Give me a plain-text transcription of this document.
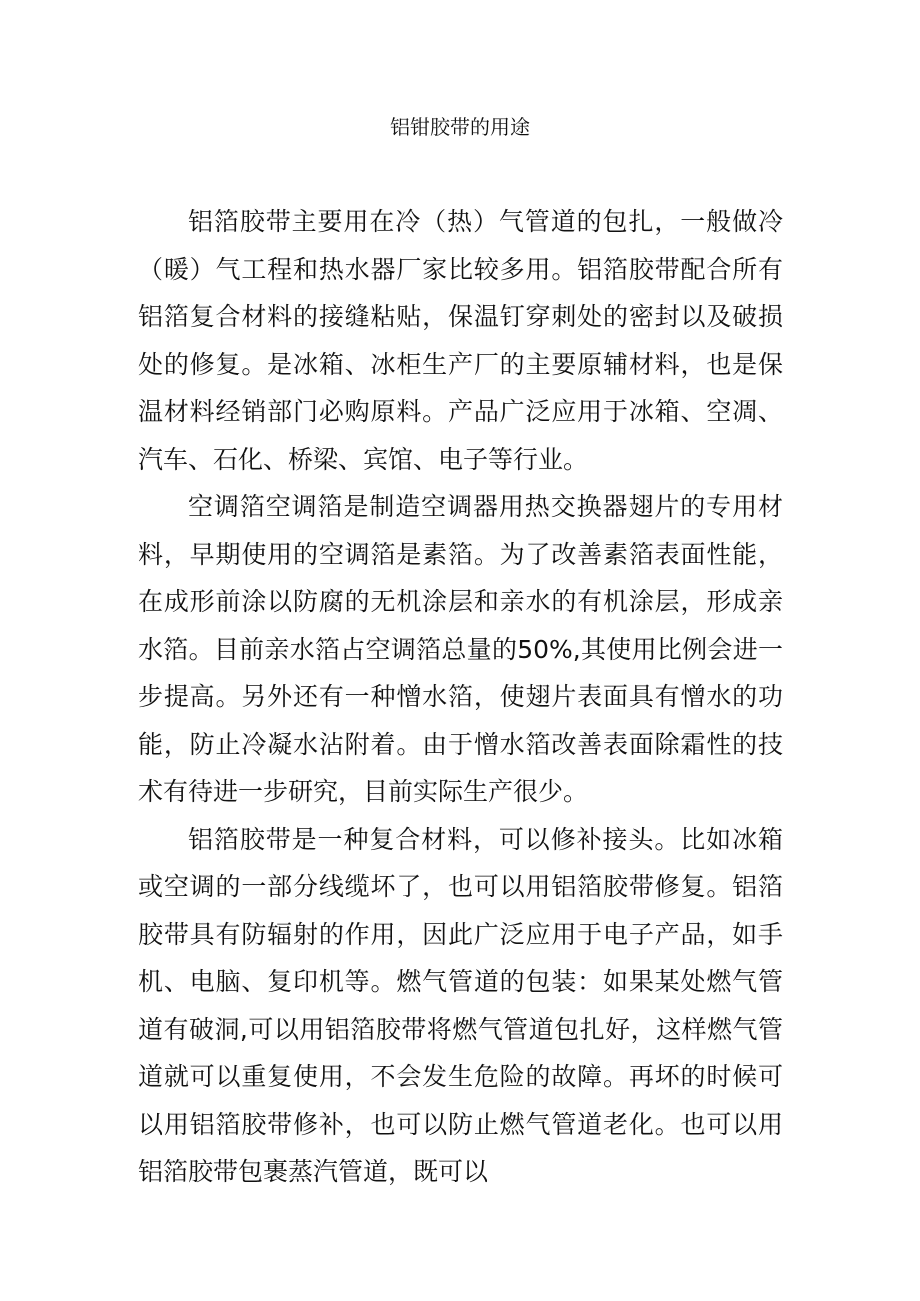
铝钳胶带的用途

铝箔胶带主要用在冷（热）气管道的包扎，一般做冷（暖）气工程和热水器厂家比较多用。铝箔胶带配合所有铝箔复合材料的接缝粘贴，保温钉穿刺处的密封以及破损处的修复。是冰箱、冰柜生产厂的主要原辅材料，也是保温材料经销部门必购原料。产品广泛应用于冰箱、空凋、汽车、石化、桥梁、宾馆、电子等行业。

空调箔空调箔是制造空调器用热交换器翅片的专用材料，早期使用的空调箔是素箔。为了改善素箔表面性能，在成形前涂以防腐的无机涂层和亲水的有机涂层，形成亲水箔。目前亲水箔占空调箔总量的50%,其使用比例会进一步提高。另外还有一种憎水箔，使翅片表面具有憎水的功能，防止冷凝水沾附着。由于憎水箔改善表面除霜性的技术有待进一步研究，目前实际生产很少。

铝箔胶带是一种复合材料，可以修补接头。比如冰箱或空调的一部分线缆坏了，也可以用铝箔胶带修复。铝箔胶带具有防辐射的作用，因此广泛应用于电子产品，如手机、电脑、复印机等。燃气管道的包装：如果某处燃气管道有破洞,可以用铝箔胶带将燃气管道包扎好，这样燃气管道就可以重复使用，不会发生危险的故障。再坏的时候可以用铝箔胶带修补，也可以防止燃气管道老化。也可以用铝箔胶带包裹蒸汽管道，既可以
